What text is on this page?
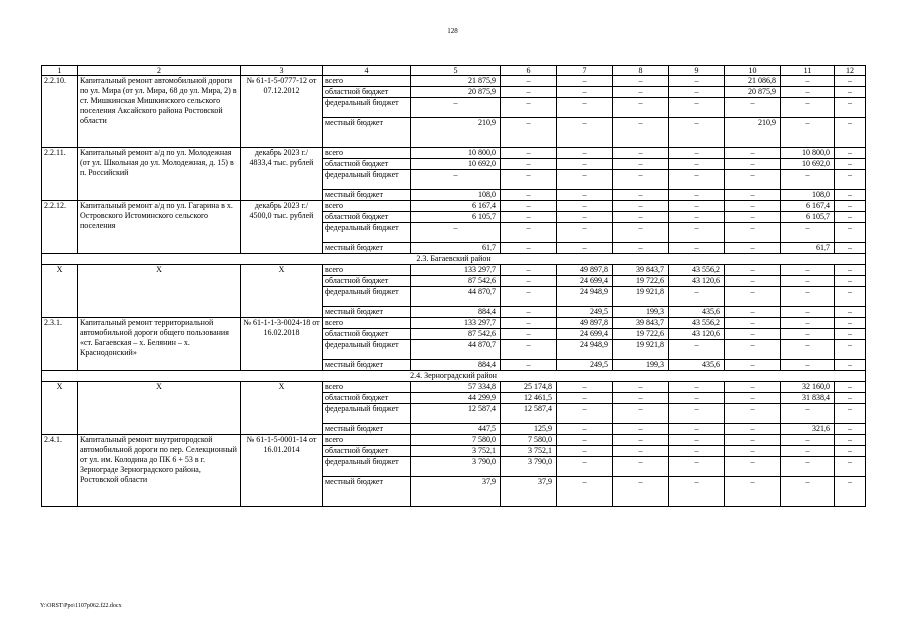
128
1	2	3	4	5	6	7	8	9	10	11	12
2.2.10.	Капитальный ремонт автомобильной дороги по ул. Мира (от ул. Мира, 68 до ул. Мира, 2) в ст. Мишкинская Мишкинского сельского поселения Аксайского района Ростовской области	№ 61-1-5-0777-12 от 07.12.2012	всего	21 875,9	–	–	–	–	21 086,8	–	–
			областной бюджет	20 875,9	–	–	–	–	20 875,9	–	–
			федеральный бюджет	–	–	–	–	–	–	–	–
			местный бюджет	210,9	–	–	–	–	210,9	–	–
2.2.11.	Капитальный ремонт а/д по ул. Молодежная (от ул. Школьная до ул. Молодежная, д. 15) в п. Российский	декабрь 2023 г./ 4833,4 тыс. рублей	всего	10 800,0	–	–	–	–	–	10 800,0	–
			областной бюджет	10 692,0	–	–	–	–	–	10 692,0	–
			федеральный бюджет	–	–	–	–	–	–	–	–
			местный бюджет	108,0	–	–	–	–	–	108,0	–
2.2.12.	Капитальный ремонт а/д по ул. Гагарина в х. Островского Истоминского сельского поселения	декабрь 2023 г./ 4500,0 тыс. рублей	всего	6 167,4	–	–	–	–	–	6 167,4	–
			областной бюджет	6 105,7	–	–	–	–	–	6 105,7	–
			федеральный бюджет	–	–	–	–	–	–	–	–
			местный бюджет	61,7	–	–	–	–	–	61,7	–
2.3. Багаевский район											
Х	Х	Х	всего	133 297,7	–	49 897,8	39 843,7	43 556,2	–	–	–
			областной бюджет	87 542,6	–	24 699,4	19 722,6	43 120,6	–	–	–
			федеральный бюджет	44 870,7	–	24 948,9	19 921,8	–	–	–	–
			местный бюджет	884,4	–	249,5	199,3	435,6	–	–	–
2.3.1.	Капитальный ремонт территориальной автомобильной дороги общего пользования «ст. Багаевская – х. Белянин – х. Краснодонский»	№ 61-1-1-3-0024-18 от 16.02.2018	всего	133 297,7	–	49 897,8	39 843,7	43 556,2	–	–	–
			областной бюджет	87 542,6	–	24 699,4	19 722,6	43 120,6	–	–	–
			федеральный бюджет	44 870,7	–	24 948,9	19 921,8	–	–	–	–
			местный бюджет	884,4	–	249,5	199,3	435,6	–	–	–
2.4. Зерноградский район											
Х	Х	Х	всего	57 334,8	25 174,8	–	–	–	–	32 160,0	–
			областной бюджет	44 299,9	12 461,5	–	–	–	–	31 838,4	–
			федеральный бюджет	12 587,4	12 587,4	–	–	–	–	–	–
			местный бюджет	447,5	125,9	–	–	–	–	321,6	–
2.4.1.	Капитальный ремонт внутригородской автомобильной дороги по пер. Селекционный от ул. им. Колодина до ПК 6 + 53 в г. Зернограде Зерноградского района, Ростовской области	№ 61-1-5-0001-14 от 16.01.2014	всего	7 580,0	7 580,0	–	–	–	–	–	–
			областной бюджет	3 752,1	3 752,1	–	–	–	–	–	–
			федеральный бюджет	3 790,0	3 790,0	–	–	–	–	–	–
			местный бюджет	37,9	37,9	–	–	–	–	–	–
Y:\ORST\Ppo\1107p062.f22.docx
